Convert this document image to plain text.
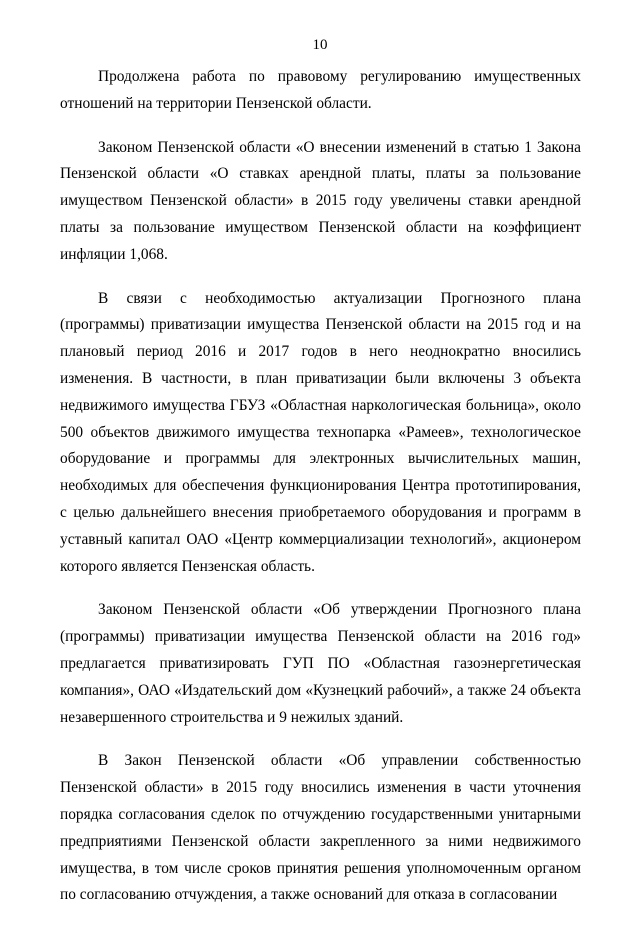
10

Продолжена работа по правовому регулированию имущественных отношений на территории Пензенской области.

Законом Пензенской области «О внесении изменений в статью 1 Закона Пензенской области «О ставках арендной платы, платы за пользование имуществом Пензенской области» в 2015 году увеличены ставки арендной платы за пользование имуществом Пензенской области на коэффициент инфляции 1,068.

В связи с необходимостью актуализации Прогнозного плана (программы) приватизации имущества Пензенской области на 2015 год и на плановый период 2016 и 2017 годов в него неоднократно вносились изменения. В частности, в план приватизации были включены 3 объекта недвижимого имущества ГБУЗ «Областная наркологическая больница», около 500 объектов движимого имущества технопарка «Рамеев», технологическое оборудование и программы для электронных вычислительных машин, необходимых для обеспечения функционирования Центра прототипирования, с целью дальнейшего внесения приобретаемого оборудования и программ в уставный капитал ОАО «Центр коммерциализации технологий», акционером которого является Пензенская область.

Законом Пензенской области «Об утверждении Прогнозного плана (программы) приватизации имущества Пензенской области на 2016 год» предлагается приватизировать ГУП ПО «Областная газоэнергетическая компания», ОАО «Издательский дом «Кузнецкий рабочий», а также 24 объекта незавершенного строительства и 9 нежилых зданий.

В Закон Пензенской области «Об управлении собственностью Пензенской области» в 2015 году вносились изменения в части уточнения порядка согласования сделок по отчуждению государственными унитарными предприятиями Пензенской области закрепленного за ними недвижимого имущества, в том числе сроков принятия решения уполномоченным органом по согласованию отчуждения, а также оснований для отказа в согласовании
